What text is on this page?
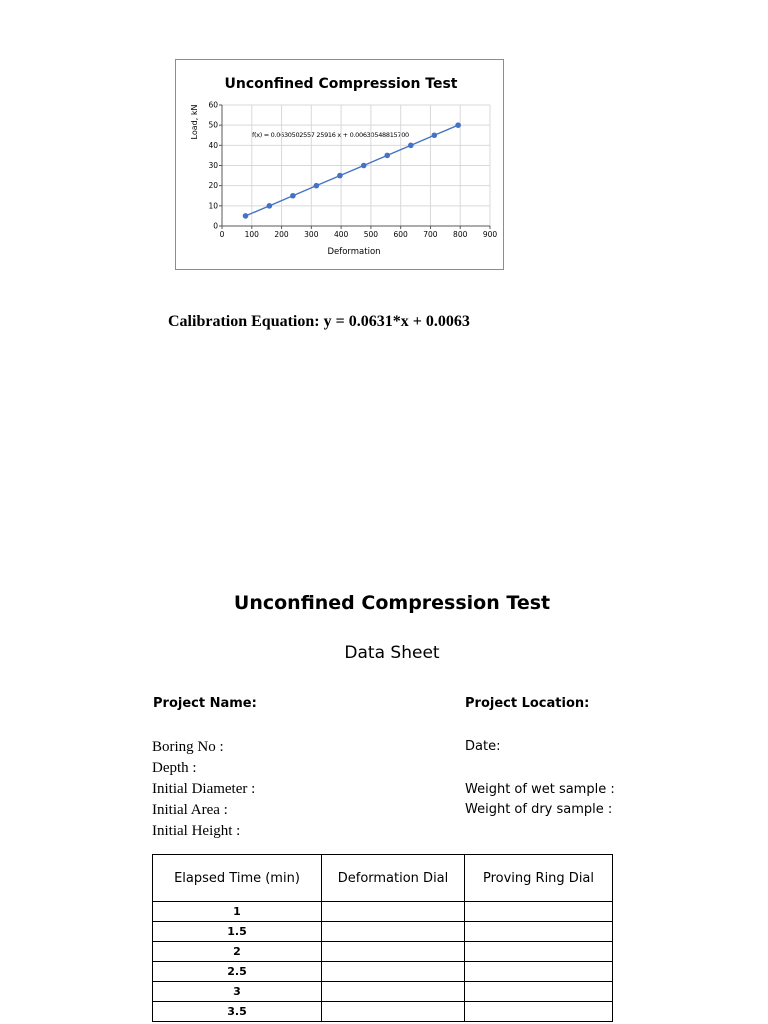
Unconfined Compression Test
Load, kN
Deformation
f(x) = 0.0630502557 25916 x + 0.00630548815700
0
10
20
30
40
50
60
0	100 200 300 400 500 600 700 800 900
Calibration Equation: y = 0.0631*x + 0.0063
Unconfined Compression Test
Data Sheet
Project Name:	Project Location:
Boring No :
Depth :
Initial Diameter :
Initial Area :
Initial Height :
Date:
Weight of wet sample :
Weight of dry sample :
Elapsed Time (min)	Deformation Dial	Proving Ring Dial
1		
1.5		
2		
2.5		
3		
3.5		
